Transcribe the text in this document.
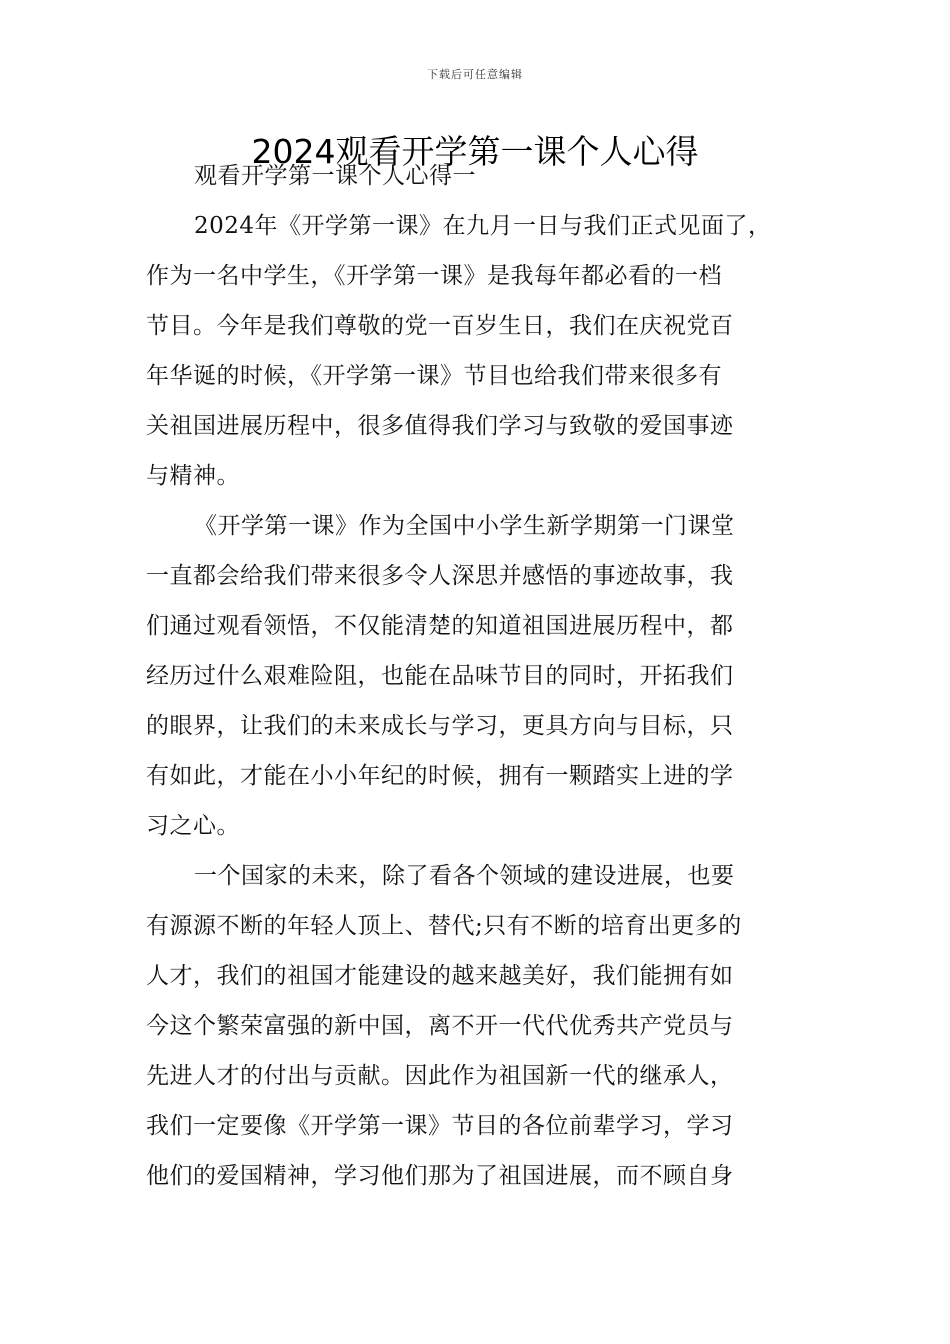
下载后可任意编辑
2024观看开学第一课个人心得
观看开学第一课个人心得一
2024年《开学第一课》在九月一日与我们正式见面了，
作为一名中学生，《开学第一课》是我每年都必看的一档
节目。今年是我们尊敬的党一百岁生日，我们在庆祝党百
年华诞的时候，《开学第一课》节目也给我们带来很多有
关祖国进展历程中，很多值得我们学习与致敬的爱国事迹
与精神。
《开学第一课》作为全国中小学生新学期第一门课堂
一直都会给我们带来很多令人深思并感悟的事迹故事，我
们通过观看领悟，不仅能清楚的知道祖国进展历程中，都
经历过什么艰难险阻，也能在品味节目的同时，开拓我们
的眼界，让我们的未来成长与学习，更具方向与目标，只
有如此，才能在小小年纪的时候，拥有一颗踏实上进的学
习之心。
一个国家的未来，除了看各个领域的建设进展，也要
有源源不断的年轻人顶上、替代;只有不断的培育出更多的
人才，我们的祖国才能建设的越来越美好，我们能拥有如
今这个繁荣富强的新中国，离不开一代代优秀共产党员与
先进人才的付出与贡献。因此作为祖国新一代的继承人，
我们一定要像《开学第一课》节目的各位前辈学习，学习
他们的爱国精神，学习他们那为了祖国进展，而不顾自身
